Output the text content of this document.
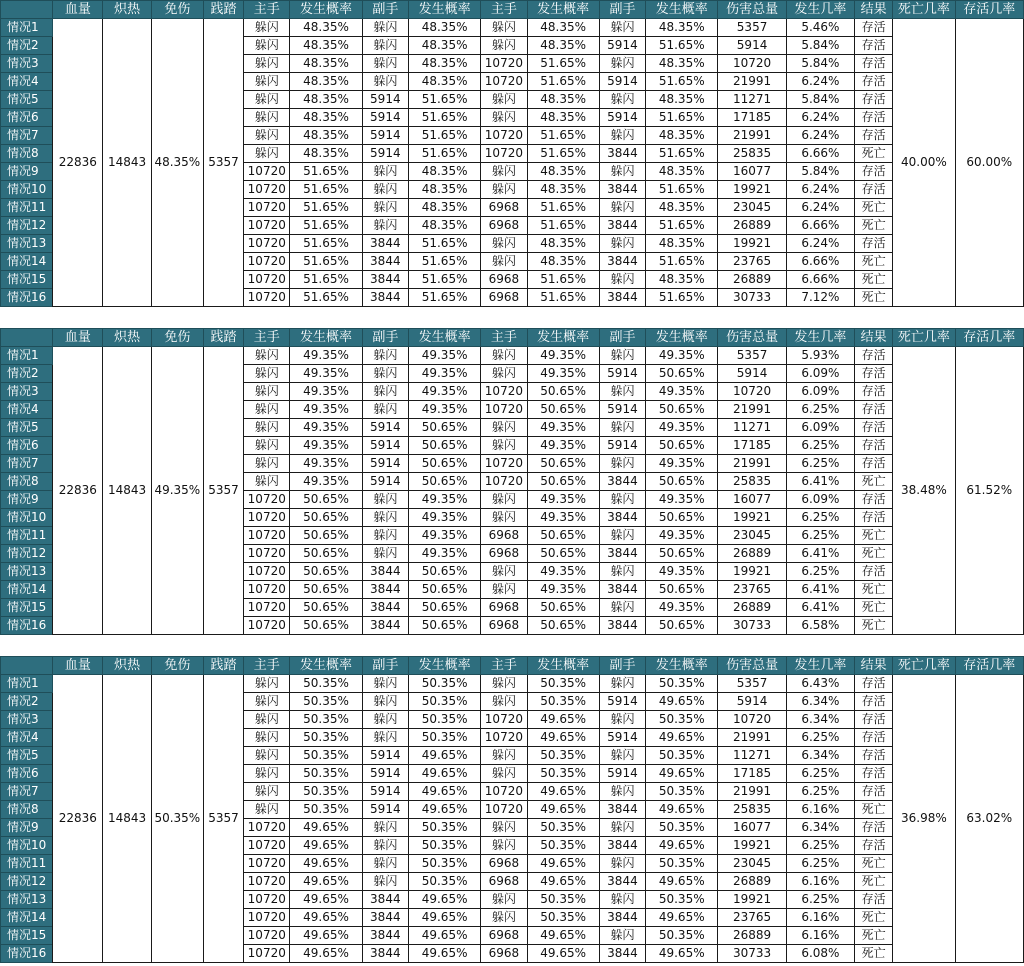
	血量	炽热	免伤	践踏	主手	发生概率	副手	发生概率	主手	发生概率	副手	发生概率	伤害总量	发生几率	结果	死亡几率	存活几率
情况1	22836	14843	48.35%	5357	躲闪	48.35%	躲闪	48.35%	躲闪	48.35%	躲闪	48.35%	5357	5.46%	存活	40.00%	60.00%
情况2					躲闪	48.35%	躲闪	48.35%	躲闪	48.35%	5914	51.65%	5914	5.84%	存活		
情况3					躲闪	48.35%	躲闪	48.35%	10720	51.65%	躲闪	48.35%	10720	5.84%	存活		
情况4					躲闪	48.35%	躲闪	48.35%	10720	51.65%	5914	51.65%	21991	6.24%	存活		
情况5					躲闪	48.35%	5914	51.65%	躲闪	48.35%	躲闪	48.35%	11271	5.84%	存活		
情况6					躲闪	48.35%	5914	51.65%	躲闪	48.35%	5914	51.65%	17185	6.24%	存活		
情况7					躲闪	48.35%	5914	51.65%	10720	51.65%	躲闪	48.35%	21991	6.24%	存活		
情况8					躲闪	48.35%	5914	51.65%	10720	51.65%	3844	51.65%	25835	6.66%	死亡		
情况9					10720	51.65%	躲闪	48.35%	躲闪	48.35%	躲闪	48.35%	16077	5.84%	存活		
情况10					10720	51.65%	躲闪	48.35%	躲闪	48.35%	3844	51.65%	19921	6.24%	存活		
情况11					10720	51.65%	躲闪	48.35%	6968	51.65%	躲闪	48.35%	23045	6.24%	死亡		
情况12					10720	51.65%	躲闪	48.35%	6968	51.65%	3844	51.65%	26889	6.66%	死亡		
情况13					10720	51.65%	3844	51.65%	躲闪	48.35%	躲闪	48.35%	19921	6.24%	存活		
情况14					10720	51.65%	3844	51.65%	躲闪	48.35%	3844	51.65%	23765	6.66%	死亡		
情况15					10720	51.65%	3844	51.65%	6968	51.65%	躲闪	48.35%	26889	6.66%	死亡		
情况16					10720	51.65%	3844	51.65%	6968	51.65%	3844	51.65%	30733	7.12%	死亡		
	血量	炽热	免伤	践踏	主手	发生概率	副手	发生概率	主手	发生概率	副手	发生概率	伤害总量	发生几率	结果	死亡几率	存活几率
情况1	22836	14843	49.35%	5357	躲闪	49.35%	躲闪	49.35%	躲闪	49.35%	躲闪	49.35%	5357	5.93%	存活	38.48%	61.52%
情况2					躲闪	49.35%	躲闪	49.35%	躲闪	49.35%	5914	50.65%	5914	6.09%	存活		
情况3					躲闪	49.35%	躲闪	49.35%	10720	50.65%	躲闪	49.35%	10720	6.09%	存活		
情况4					躲闪	49.35%	躲闪	49.35%	10720	50.65%	5914	50.65%	21991	6.25%	存活		
情况5					躲闪	49.35%	5914	50.65%	躲闪	49.35%	躲闪	49.35%	11271	6.09%	存活		
情况6					躲闪	49.35%	5914	50.65%	躲闪	49.35%	5914	50.65%	17185	6.25%	存活		
情况7					躲闪	49.35%	5914	50.65%	10720	50.65%	躲闪	49.35%	21991	6.25%	存活		
情况8					躲闪	49.35%	5914	50.65%	10720	50.65%	3844	50.65%	25835	6.41%	死亡		
情况9					10720	50.65%	躲闪	49.35%	躲闪	49.35%	躲闪	49.35%	16077	6.09%	存活		
情况10					10720	50.65%	躲闪	49.35%	躲闪	49.35%	3844	50.65%	19921	6.25%	存活		
情况11					10720	50.65%	躲闪	49.35%	6968	50.65%	躲闪	49.35%	23045	6.25%	死亡		
情况12					10720	50.65%	躲闪	49.35%	6968	50.65%	3844	50.65%	26889	6.41%	死亡		
情况13					10720	50.65%	3844	50.65%	躲闪	49.35%	躲闪	49.35%	19921	6.25%	存活		
情况14					10720	50.65%	3844	50.65%	躲闪	49.35%	3844	50.65%	23765	6.41%	死亡		
情况15					10720	50.65%	3844	50.65%	6968	50.65%	躲闪	49.35%	26889	6.41%	死亡		
情况16					10720	50.65%	3844	50.65%	6968	50.65%	3844	50.65%	30733	6.58%	死亡		
	血量	炽热	免伤	践踏	主手	发生概率	副手	发生概率	主手	发生概率	副手	发生概率	伤害总量	发生几率	结果	死亡几率	存活几率
情况1	22836	14843	50.35%	5357	躲闪	50.35%	躲闪	50.35%	躲闪	50.35%	躲闪	50.35%	5357	6.43%	存活	36.98%	63.02%
情况2					躲闪	50.35%	躲闪	50.35%	躲闪	50.35%	5914	49.65%	5914	6.34%	存活		
情况3					躲闪	50.35%	躲闪	50.35%	10720	49.65%	躲闪	50.35%	10720	6.34%	存活		
情况4					躲闪	50.35%	躲闪	50.35%	10720	49.65%	5914	49.65%	21991	6.25%	存活		
情况5					躲闪	50.35%	5914	49.65%	躲闪	50.35%	躲闪	50.35%	11271	6.34%	存活		
情况6					躲闪	50.35%	5914	49.65%	躲闪	50.35%	5914	49.65%	17185	6.25%	存活		
情况7					躲闪	50.35%	5914	49.65%	10720	49.65%	躲闪	50.35%	21991	6.25%	存活		
情况8					躲闪	50.35%	5914	49.65%	10720	49.65%	3844	49.65%	25835	6.16%	死亡		
情况9					10720	49.65%	躲闪	50.35%	躲闪	50.35%	躲闪	50.35%	16077	6.34%	存活		
情况10					10720	49.65%	躲闪	50.35%	躲闪	50.35%	3844	49.65%	19921	6.25%	存活		
情况11					10720	49.65%	躲闪	50.35%	6968	49.65%	躲闪	50.35%	23045	6.25%	死亡		
情况12					10720	49.65%	躲闪	50.35%	6968	49.65%	3844	49.65%	26889	6.16%	死亡		
情况13					10720	49.65%	3844	49.65%	躲闪	50.35%	躲闪	50.35%	19921	6.25%	存活		
情况14					10720	49.65%	3844	49.65%	躲闪	50.35%	3844	49.65%	23765	6.16%	死亡		
情况15					10720	49.65%	3844	49.65%	6968	49.65%	躲闪	50.35%	26889	6.16%	死亡		
情况16					10720	49.65%	3844	49.65%	6968	49.65%	3844	49.65%	30733	6.08%	死亡		
